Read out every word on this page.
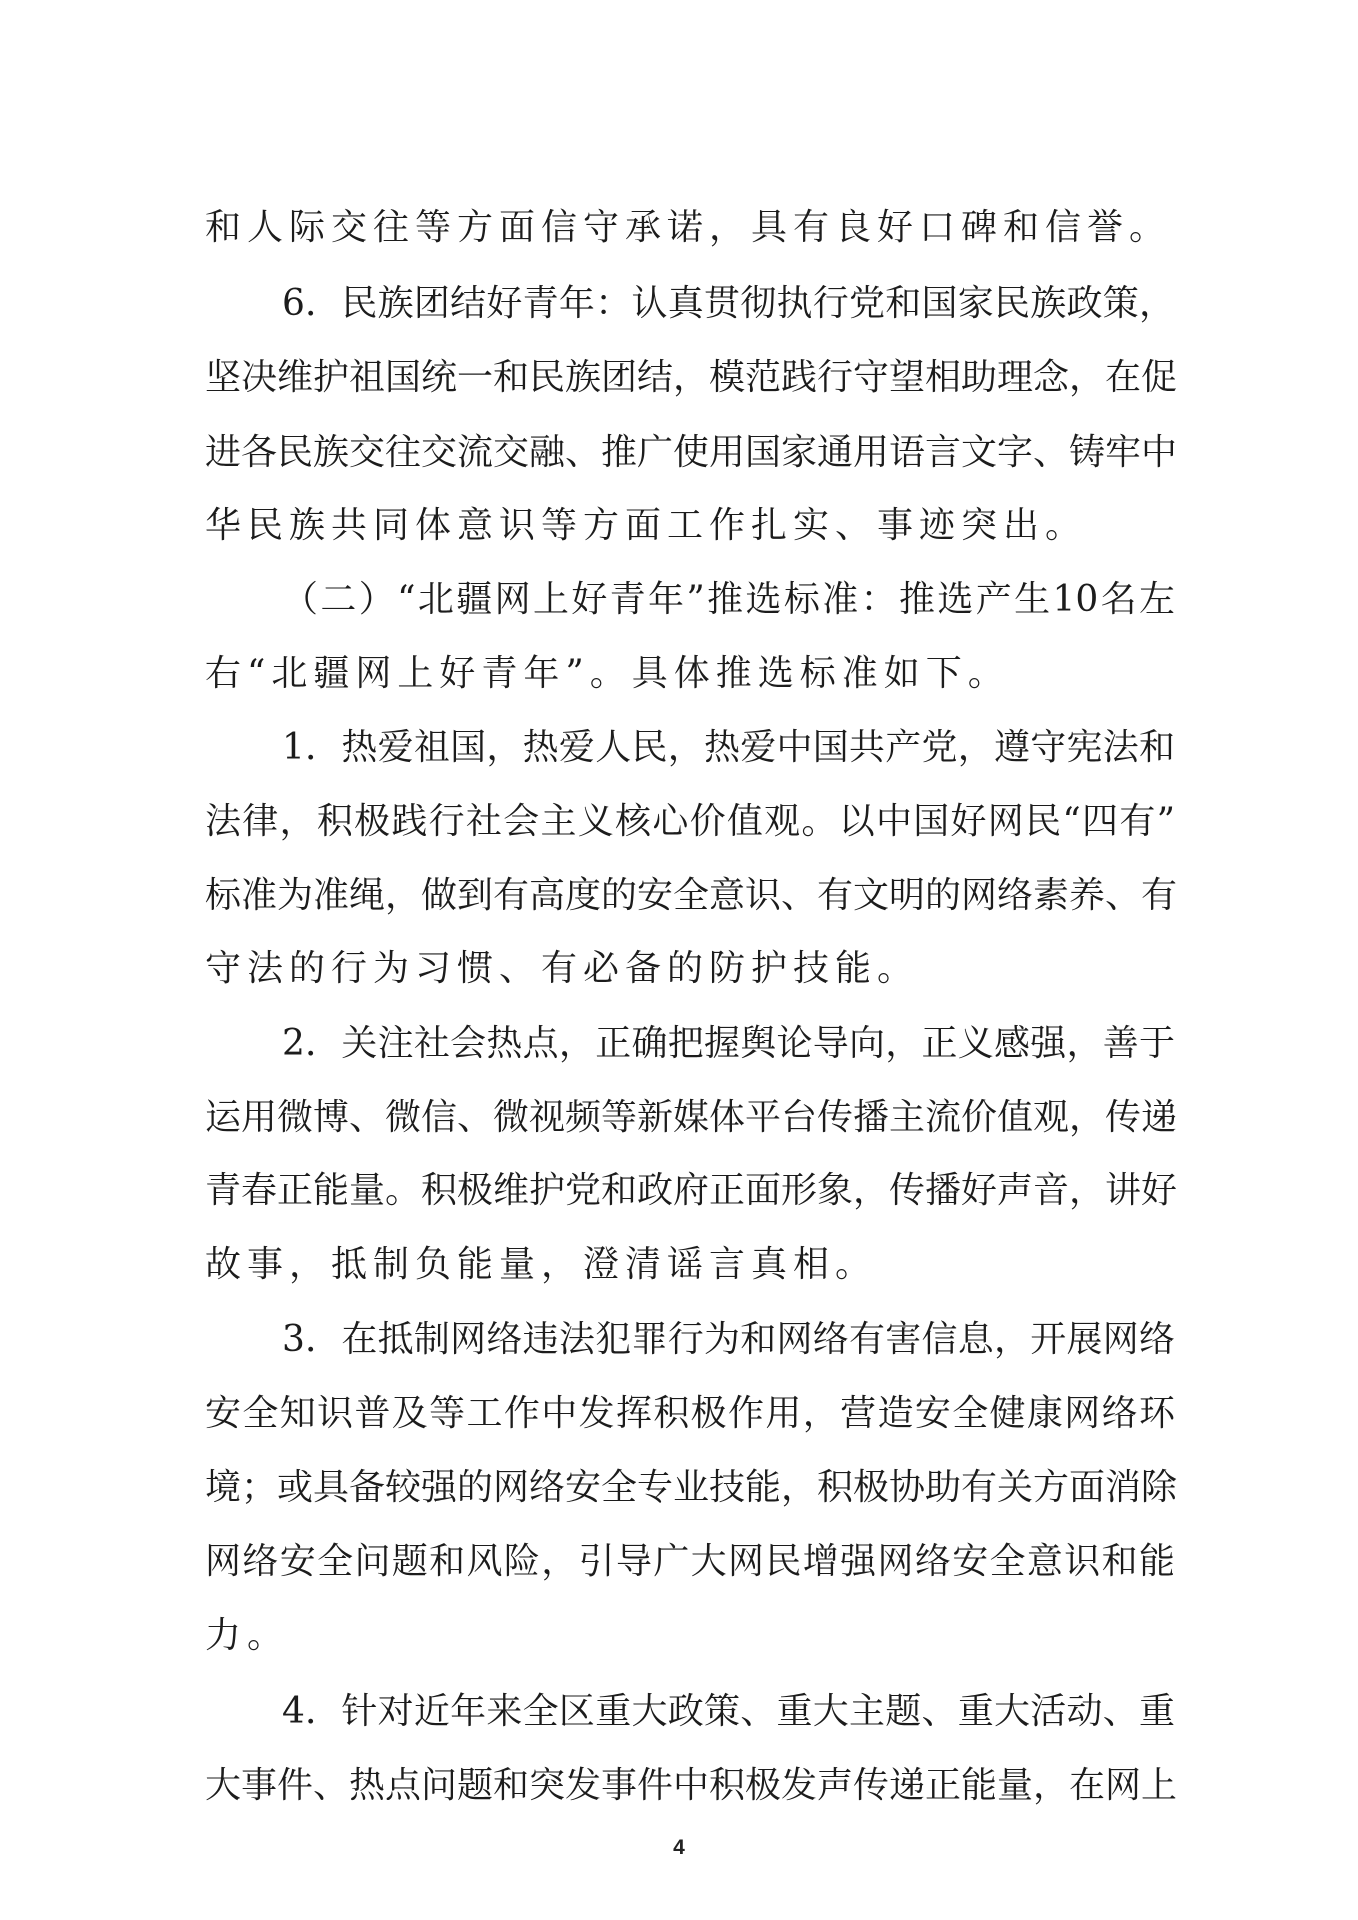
和人际交往等方面信守承诺，具有良好口碑和信誉。
6．民族团结好青年：认真贯彻执行党和国家民族政策，
坚决维护祖国统一和民族团结，模范践行守望相助理念，在促
进各民族交往交流交融、推广使用国家通用语言文字、铸牢中
华民族共同体意识等方面工作扎实、事迹突出。
（二）“北疆网上好青年”推选标准：推选产生10名左
右“北疆网上好青年”。具体推选标准如下。
1．热爱祖国，热爱人民，热爱中国共产党，遵守宪法和
法律，积极践行社会主义核心价值观。以中国好网民“四有”
标准为准绳，做到有高度的安全意识、有文明的网络素养、有
守法的行为习惯、有必备的防护技能。
2．关注社会热点，正确把握舆论导向，正义感强，善于
运用微博、微信、微视频等新媒体平台传播主流价值观，传递
青春正能量。积极维护党和政府正面形象，传播好声音，讲好
故事，抵制负能量，澄清谣言真相。
3．在抵制网络违法犯罪行为和网络有害信息，开展网络
安全知识普及等工作中发挥积极作用，营造安全健康网络环
境；或具备较强的网络安全专业技能，积极协助有关方面消除
网络安全问题和风险，引导广大网民增强网络安全意识和能
力。
4．针对近年来全区重大政策、重大主题、重大活动、重
大事件、热点问题和突发事件中积极发声传递正能量，在网上
4
